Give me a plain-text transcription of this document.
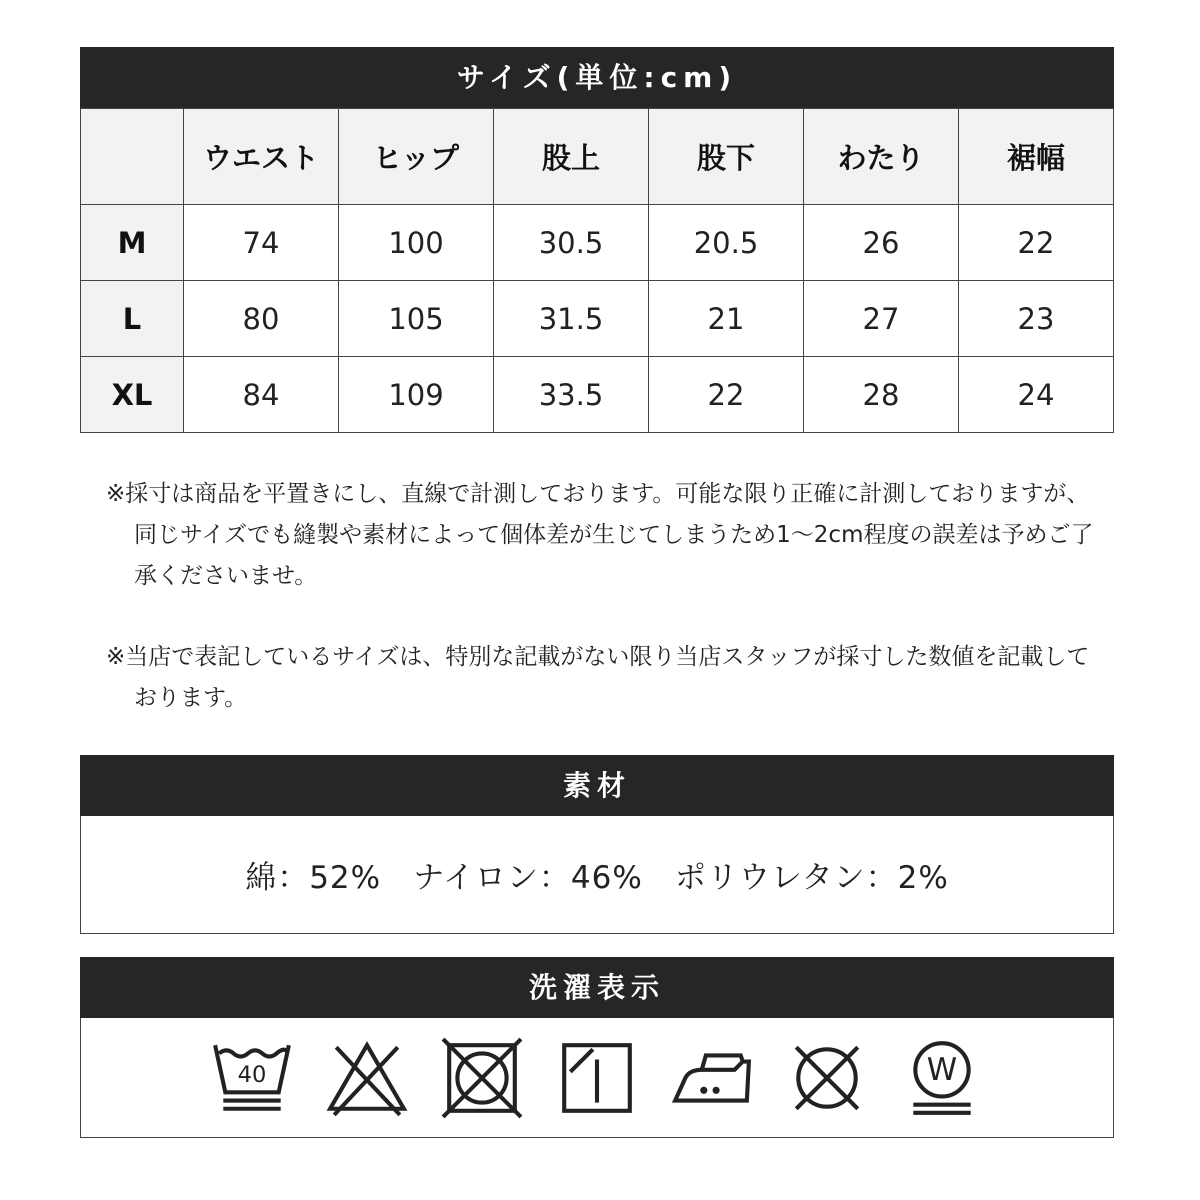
サイズ(単位:cm)
	ウエスト	ヒップ	股上	股下	わたり	裾幅
M	74	100	30.5	20.5	26	22
L	80	105	31.5	21	27	23
XL	84	109	33.5	22	28	24

※採寸は商品を平置きにし、直線で計測しております。可能な限り正確に計測しておりますが、同じサイズでも縫製や素材によって個体差が生じてしまうため1～2cm程度の誤差は予めご了承くださいませ。

※当店で表記しているサイズは、特別な記載がない限り当店スタッフが採寸した数値を記載しております。

素材
綿：52%　ナイロン：46%　ポリウレタン：2%
洗濯表示
40	W
